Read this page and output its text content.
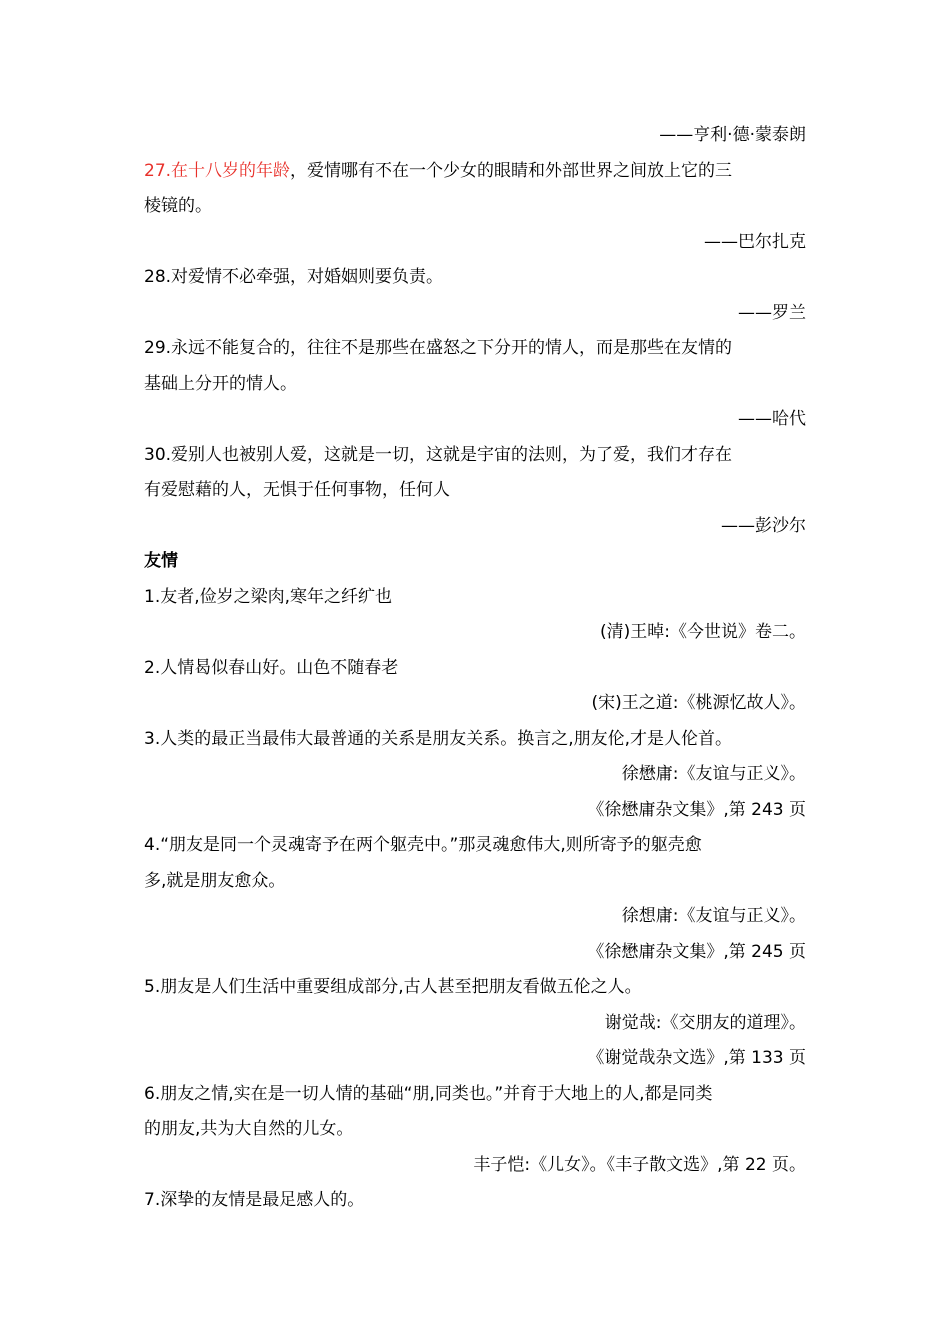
——亨利·德·蒙泰朗
27.在十八岁的年龄，爱情哪有不在一个少女的眼睛和外部世界之间放上它的三
棱镜的。
——巴尔扎克
28.对爱情不必牵强，对婚姻则要负责。
——罗兰
29.永远不能复合的，往往不是那些在盛怒之下分开的情人，而是那些在友情的
基础上分开的情人。
——哈代
30.爱别人也被别人爱，这就是一切，这就是宇宙的法则，为了爱，我们才存在
有爱慰藉的人，无惧于任何事物，任何人
——彭沙尔
友情
1.友者,俭岁之梁肉,寒年之纤纩也
(清)王晫:《今世说》卷二。
2.人情曷似春山好。山色不随春老
(宋)王之道:《桃源忆故人》。
3.人类的最正当最伟大最普通的关系是朋友关系。换言之,朋友伦,才是人伦首。
徐懋庸:《友谊与正义》。
《徐懋庸杂文集》,第 243 页
4.“朋友是同一个灵魂寄予在两个躯壳中。”那灵魂愈伟大,则所寄予的躯壳愈
多,就是朋友愈众。
徐想庸:《友谊与正义》。
《徐懋庸杂文集》,第 245 页
5.朋友是人们生活中重要组成部分,古人甚至把朋友看做五伦之人。
谢觉哉:《交朋友的道理》。
《谢觉哉杂文选》,第 133 页
6.朋友之情,实在是一切人情的基础“朋,同类也。”并育于大地上的人,都是同类
的朋友,共为大自然的儿女。
丰子恺:《儿女》。《丰子散文选》,第 22 页。
7.深挚的友情是最足感人的。
